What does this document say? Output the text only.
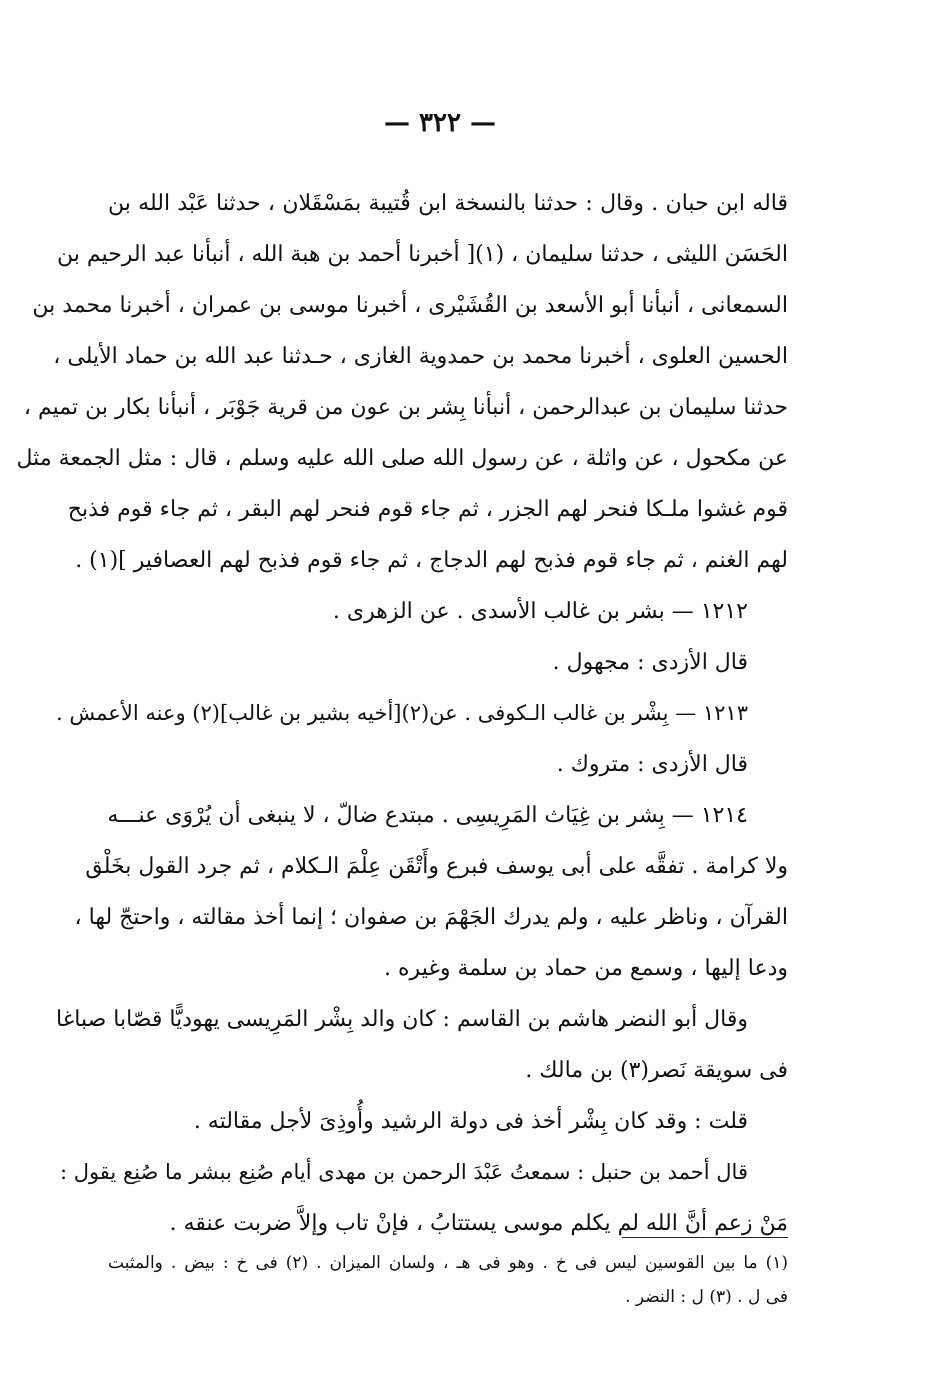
— ٣٢٢ —
قاله ابن حبان . وقال : حدثنا بالنسخة ابن قُتيبة بمَسْقَلان ، حدثنا عَبْد الله بن
الحَسَن الليثى ، حدثنا سليمان ، (١)[ أخبرنا أحمد بن هبة الله ، أنبأنا عبد الرحيم بن
السمعانى ، أنبأنا أبو الأسعد بن القُشَيْرى ، أخبرنا موسى بن عمران ، أخبرنا محمد بن
الحسين العلوى ، أخبرنا محمد بن حمدوية الغازى ، حـدثنا عبد الله بن حماد الأيلى ،
حدثنا سليمان بن عبدالرحمن ، أنبأنا بِشر بن عون من قرية جَوْبَر ، أنبأنا بكار بن تميم ،
عن مكحول ، عن واثلة ، عن رسول الله صلى الله عليه وسلم ، قال : مثل الجمعة مثل
قوم غشوا ملـكا فنحر لهم الجزر ، ثم جاء قوم فنحر لهم البقر ، ثم جاء قوم فذبح
لهم الغنم ، ثم جاء قوم فذبح لهم الدجاج ، ثم جاء قوم فذبح لهم العصافير ](١) .
١٢١٢ — بشر بن غالب الأسدى . عن الزهرى .
قال الأزدى : مجهول .
١٢١٣ — بِشْر بن غالب الـكوفى . عن(٢)[أخيه بشير بن غالب](٢) وعنه الأعمش .
قال الأزدى : متروك .
١٢١٤ — بِشر بن غِيَاث المَرِيسِى . مبتدع ضالّ ، لا ينبغى أن يُرْوَى عنـــه
ولا كرامة . تفقَّه على أبى يوسف فبرع وأَتْقَن عِلْمَ الـكلام ، ثم جرد القول بخَلْق
القرآن ، وناظر عليه ، ولم يدرك الجَهْمَ بن صفوان ؛ إنما أخذ مقالته ، واحتجّ لها ،
ودعا إليها ، وسمع من حماد بن سلمة وغيره .
وقال أبو النضر هاشم بن القاسم : كان والد بِشْر المَرِيسى يهوديًّا قصّابا صباغا
فى سويقة نَصر(٣) بن مالك .
قلت : وقد كان بِشْر أخذ فى دولة الرشيد وأُوذِىَ لأجل مقالته .
قال أحمد بن حنبل : سمعتُ عَبْدَ الرحمن بن مهدى أيام صُنِع ببشر ما صُنِع يقول :
مَنْ زعم أنَّ الله لم يكلم موسى يستتابُ ، فإنْ تاب وإلاَّ ضربت عنقه .
(١) ما بين القوسين ليس فى خ . وهو فى هـ ، ولسان الميزان . (٢) فى خ : بيض . والمثبت
فى ل . (٣) ل : النضر .
